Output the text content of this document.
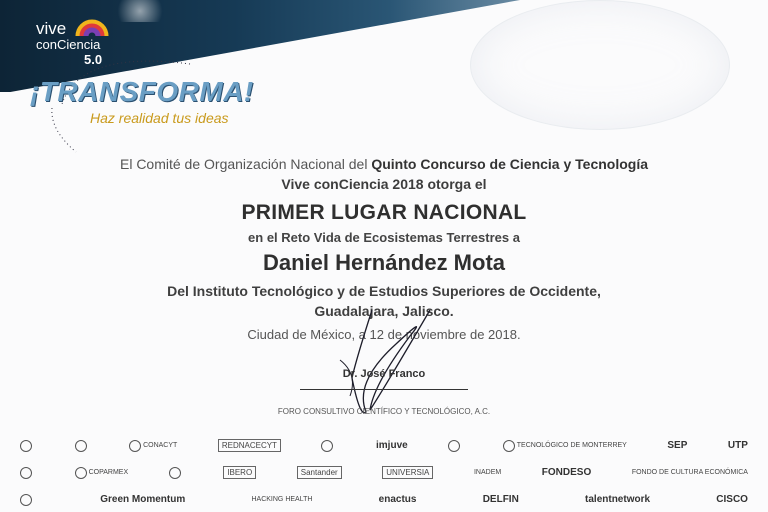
vive
conCiencia
5.0
¡TRANSFORMA!
Haz realidad tus ideas
El Comité de Organización Nacional del Quinto Concurso de Ciencia y Tecnología
Vive conCiencia 2018 otorga el
PRIMER LUGAR NACIONAL
en el Reto Vida de Ecosistemas Terrestres a
Daniel Hernández Mota
Del Instituto Tecnológico y de Estudios Superiores de Occidente,
Guadalajara, Jalisco.
Ciudad de México, a 12 de noviembre de 2018.
Dr. José Franco
FORO CONSULTIVO CIENTÍFICO Y TECNOLÓGICO, A.C.
CONACYT	REDNACECYT	imjuve	TECNOLÓGICO DE MONTERREY	SEP	UTP
COPARMEX	IBERO	Santander	UNIVERSIA	INADEM	FONDESO	FONDO DE CULTURA ECONÓMICA
Green Momentum	HACKING HEALTH	enactus	DELFIN	talentnetwork	CISCO
